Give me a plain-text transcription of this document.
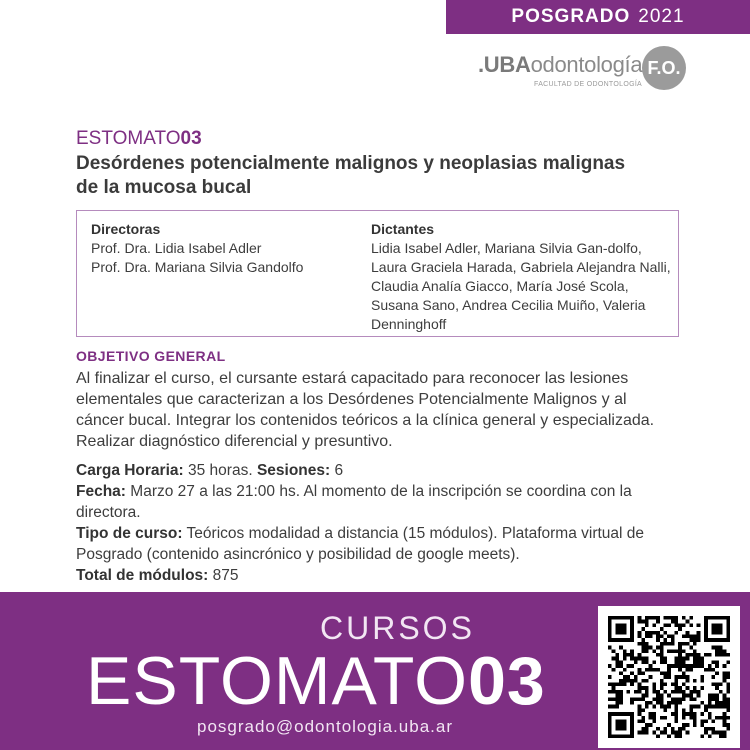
POSGRADO 2021
.UBAodontología
FACULTAD DE ODONTOLOGÍA
F.O.
ESTOMATO03
Desórdenes potencialmente malignos y neoplasias malignas de la mucosa bucal
Directoras
Prof. Dra. Lidia Isabel Adler
Prof. Dra. Mariana Silvia Gandolfo
Dictantes
Lidia Isabel Adler, Mariana Silvia Gan-dolfo, Laura Graciela Harada, Gabriela Alejandra Nalli, Claudia Analía Giacco, María José Scola, Susana Sano, Andrea Cecilia Muiño, Valeria Denninghoff
OBJETIVO GENERAL
Al finalizar el curso, el cursante estará capacitado para reconocer las lesiones elementales que caracterizan a los Desórdenes Potencialmente Malignos y al cáncer bucal. Integrar los contenidos teóricos a la clínica general y especializada. Realizar diagnóstico diferencial y presuntivo.
Carga Horaria: 35 horas. Sesiones: 6
Fecha: Marzo 27 a las 21:00 hs. Al momento de la inscripción se coordina con la directora.
Tipo de curso: Teóricos modalidad a distancia (15 módulos). Plataforma virtual de Posgrado (contenido asincrónico y posibilidad de google meets).
Total de módulos: 875
CURSOS
ESTOMATO03
posgrado@odontologia.uba.ar
